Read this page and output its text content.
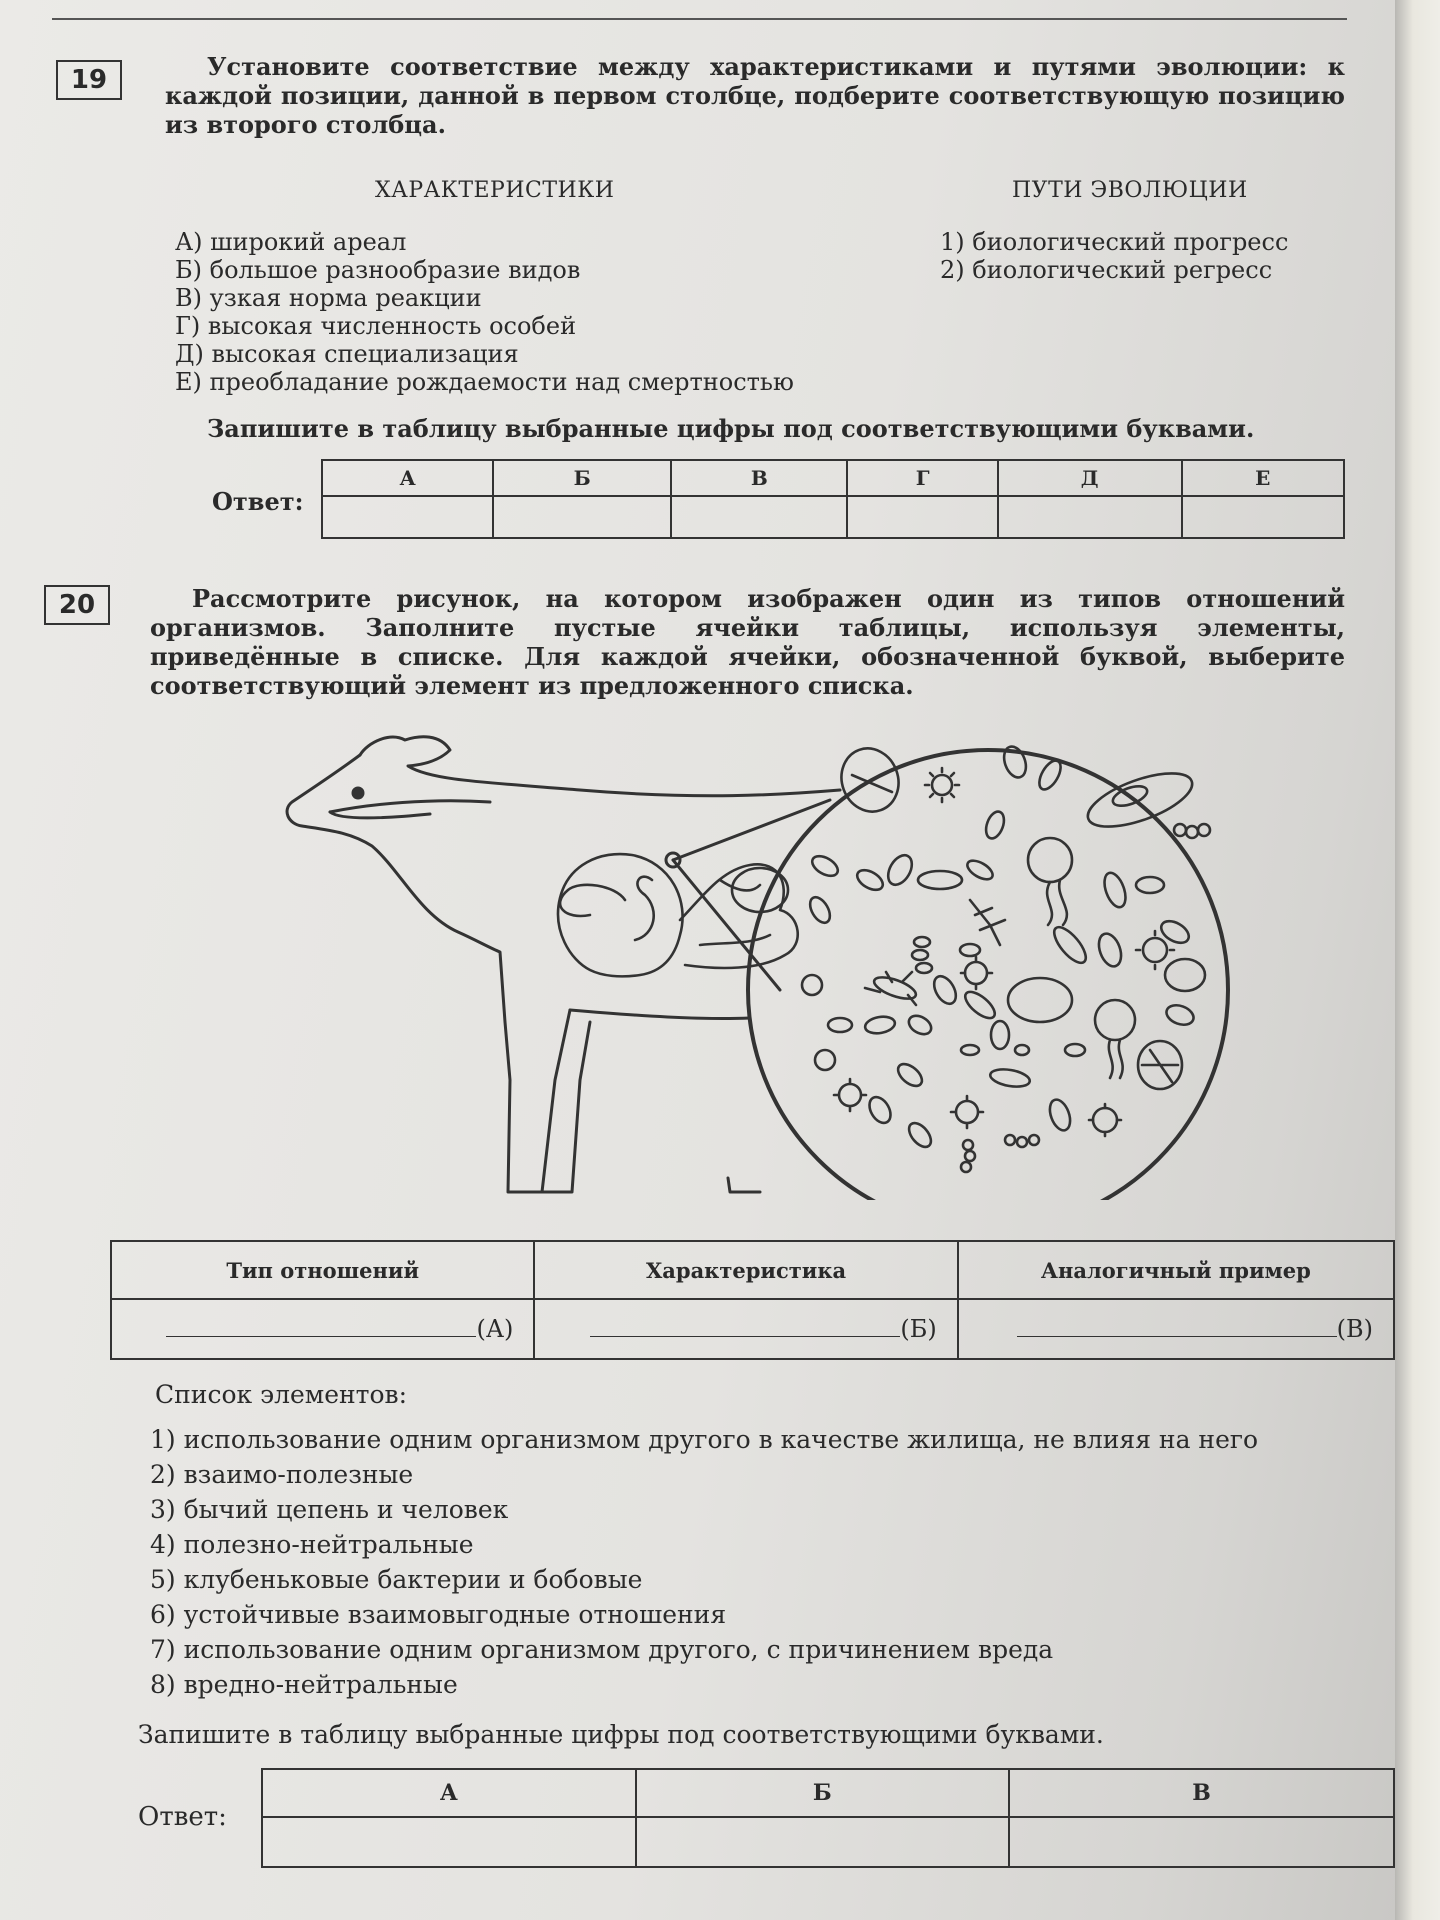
19	Установите соответствие между характеристиками и путями эволюции: к каждой позиции, данной в первом столбце, подберите соответствующую позицию из второго столбца.

ХАРАКТЕРИСТИКИ	ПУТИ ЭВОЛЮЦИИ
А) широкий ареал
Б) большое разнообразие видов
В) узкая норма реакции
Г) высокая численность особей
Д) высокая специализация
Е) преобладание рождаемости над смертностью
1) биологический прогресс
2) биологический регресс
Запишите в таблицу выбранные цифры под соответствующими буквами.
Ответ:
А	Б	В	Г	Д	Е

20	Рассмотрите рисунок, на котором изображен один из типов отношений организмов. Заполните пустые ячейки таблицы, используя элементы, приведённые в списке. Для каждой ячейки, обозначенной буквой, выберите соответствующий элемент из предложенного списка.

Тип отношений	Характеристика	Аналогичный пример
(А)	(Б)	(В)
Список элементов:
1) использование одним организмом другого в качестве жилища, не влияя на него
2) взаимо-полезные
3) бычий цепень и человек
4) полезно-нейтральные
5) клубеньковые бактерии и бобовые
6) устойчивые взаимовыгодные отношения
7) использование одним организмом другого, с причинением вреда
8) вредно-нейтральные
Запишите в таблицу выбранные цифры под соответствующими буквами.
Ответ:
А	Б	В
